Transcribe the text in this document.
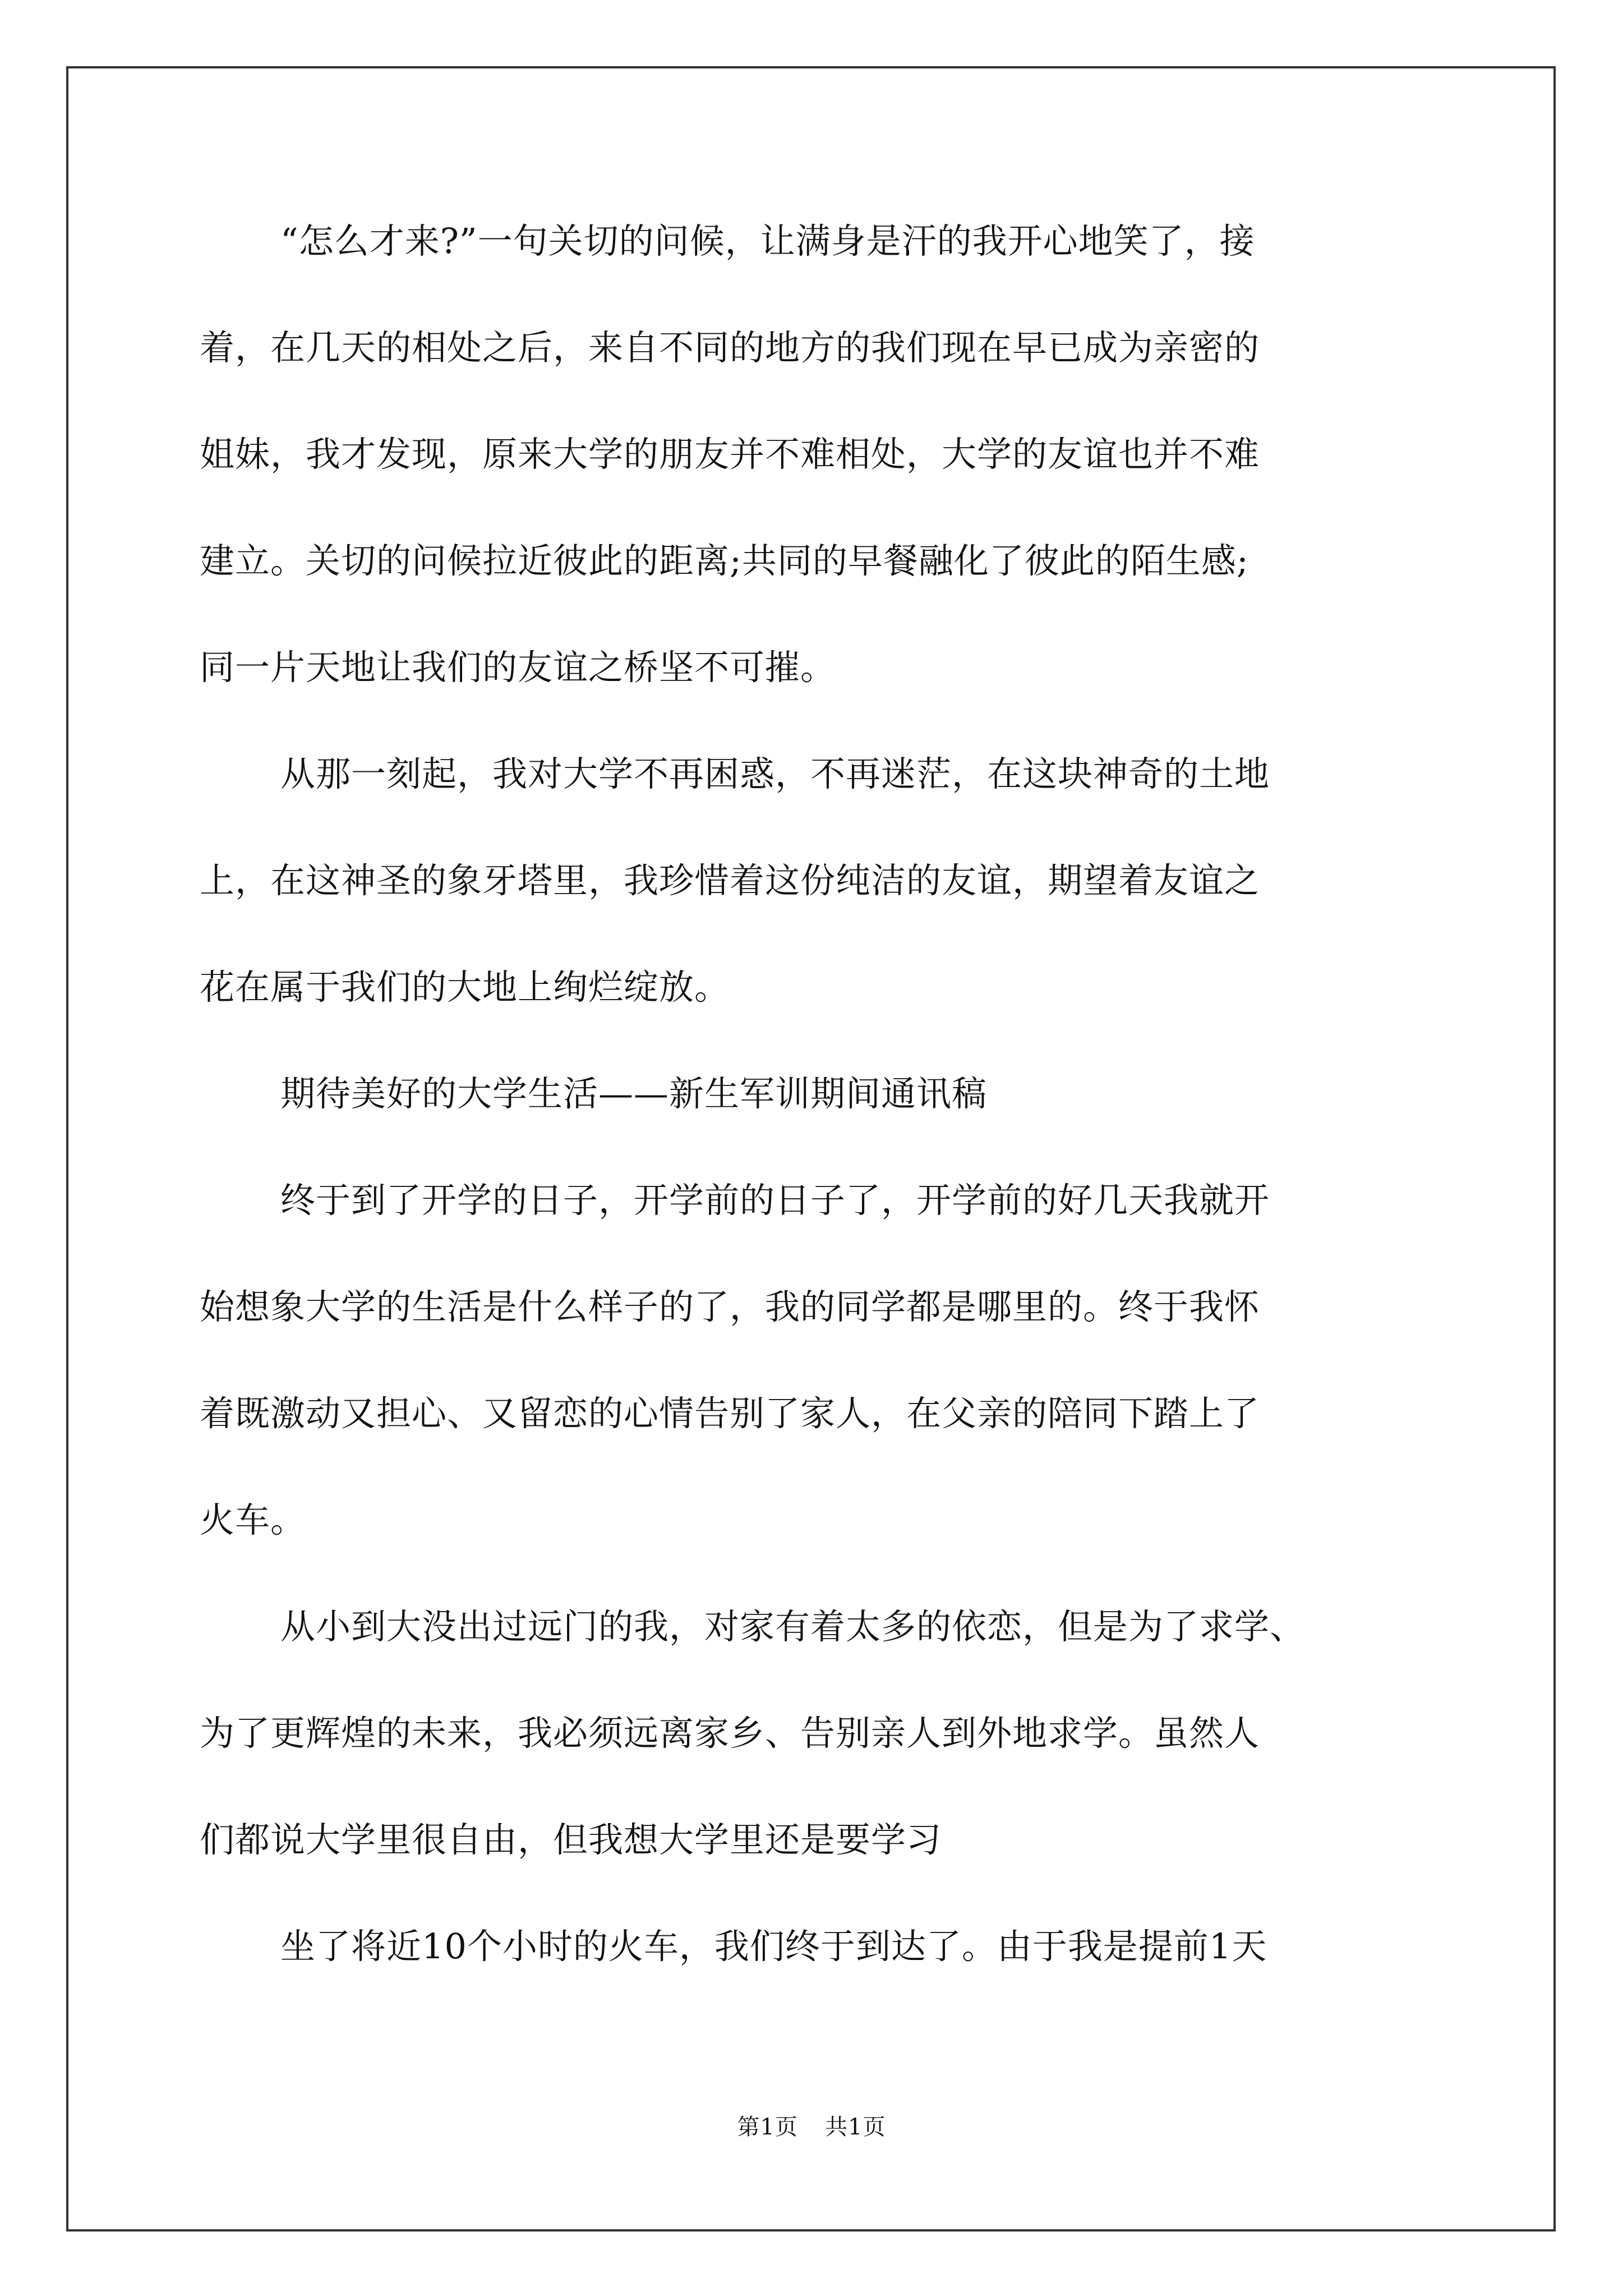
“怎么才来?”一句关切的问候，让满身是汗的我开心地笑了，接
着，在几天的相处之后，来自不同的地方的我们现在早已成为亲密的
姐妹，我才发现，原来大学的朋友并不难相处，大学的友谊也并不难
建立。关切的问候拉近彼此的距离;共同的早餐融化了彼此的陌生感;
同一片天地让我们的友谊之桥坚不可摧。
从那一刻起，我对大学不再困惑，不再迷茫，在这块神奇的土地
上，在这神圣的象牙塔里，我珍惜着这份纯洁的友谊，期望着友谊之
花在属于我们的大地上绚烂绽放。
期待美好的大学生活——新生军训期间通讯稿
终于到了开学的日子，开学前的日子了，开学前的好几天我就开
始想象大学的生活是什么样子的了，我的同学都是哪里的。终于我怀
着既激动又担心、又留恋的心情告别了家人，在父亲的陪同下踏上了
火车。
从小到大没出过远门的我，对家有着太多的依恋，但是为了求学、
为了更辉煌的未来，我必须远离家乡、告别亲人到外地求学。虽然人
们都说大学里很自由，但我想大学里还是要学习
坐了将近10个小时的火车，我们终于到达了。由于我是提前1天
第1页 共1页
